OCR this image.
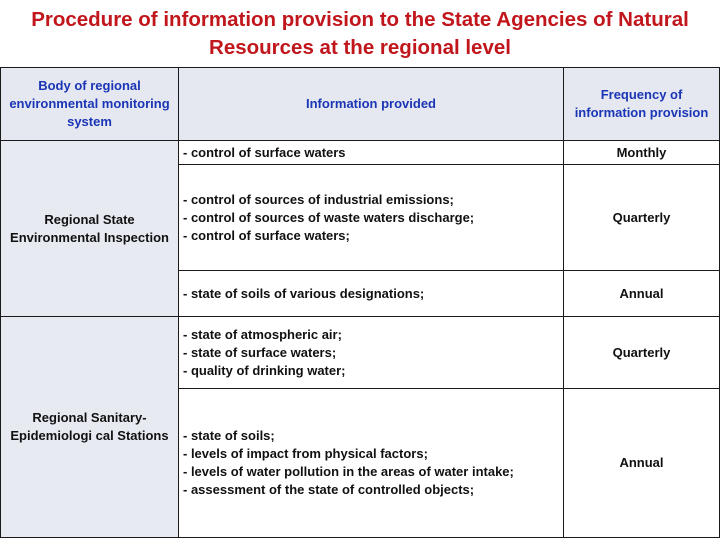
Procedure of information provision to the State Agencies of Natural
Resources at the regional level
Body of regional environmental monitoring system	Information provided	Frequency of information provision
Regional State Environmental Inspection	- control of surface waters	Monthly

	- control of sources of industrial emissions;
- control of sources of waste waters discharge;
- control of surface waters;	Quarterly

	- state of soils of various designations;	Annual
Regional Sanitary-Epidemiologi cal Stations	- state of atmospheric air;
- state of surface waters;
- quality of drinking water;	Quarterly

	- state of soils;
- levels of impact from physical factors;
- levels of water pollution in the areas of water intake;
- assessment of the state of controlled objects;	Annual
